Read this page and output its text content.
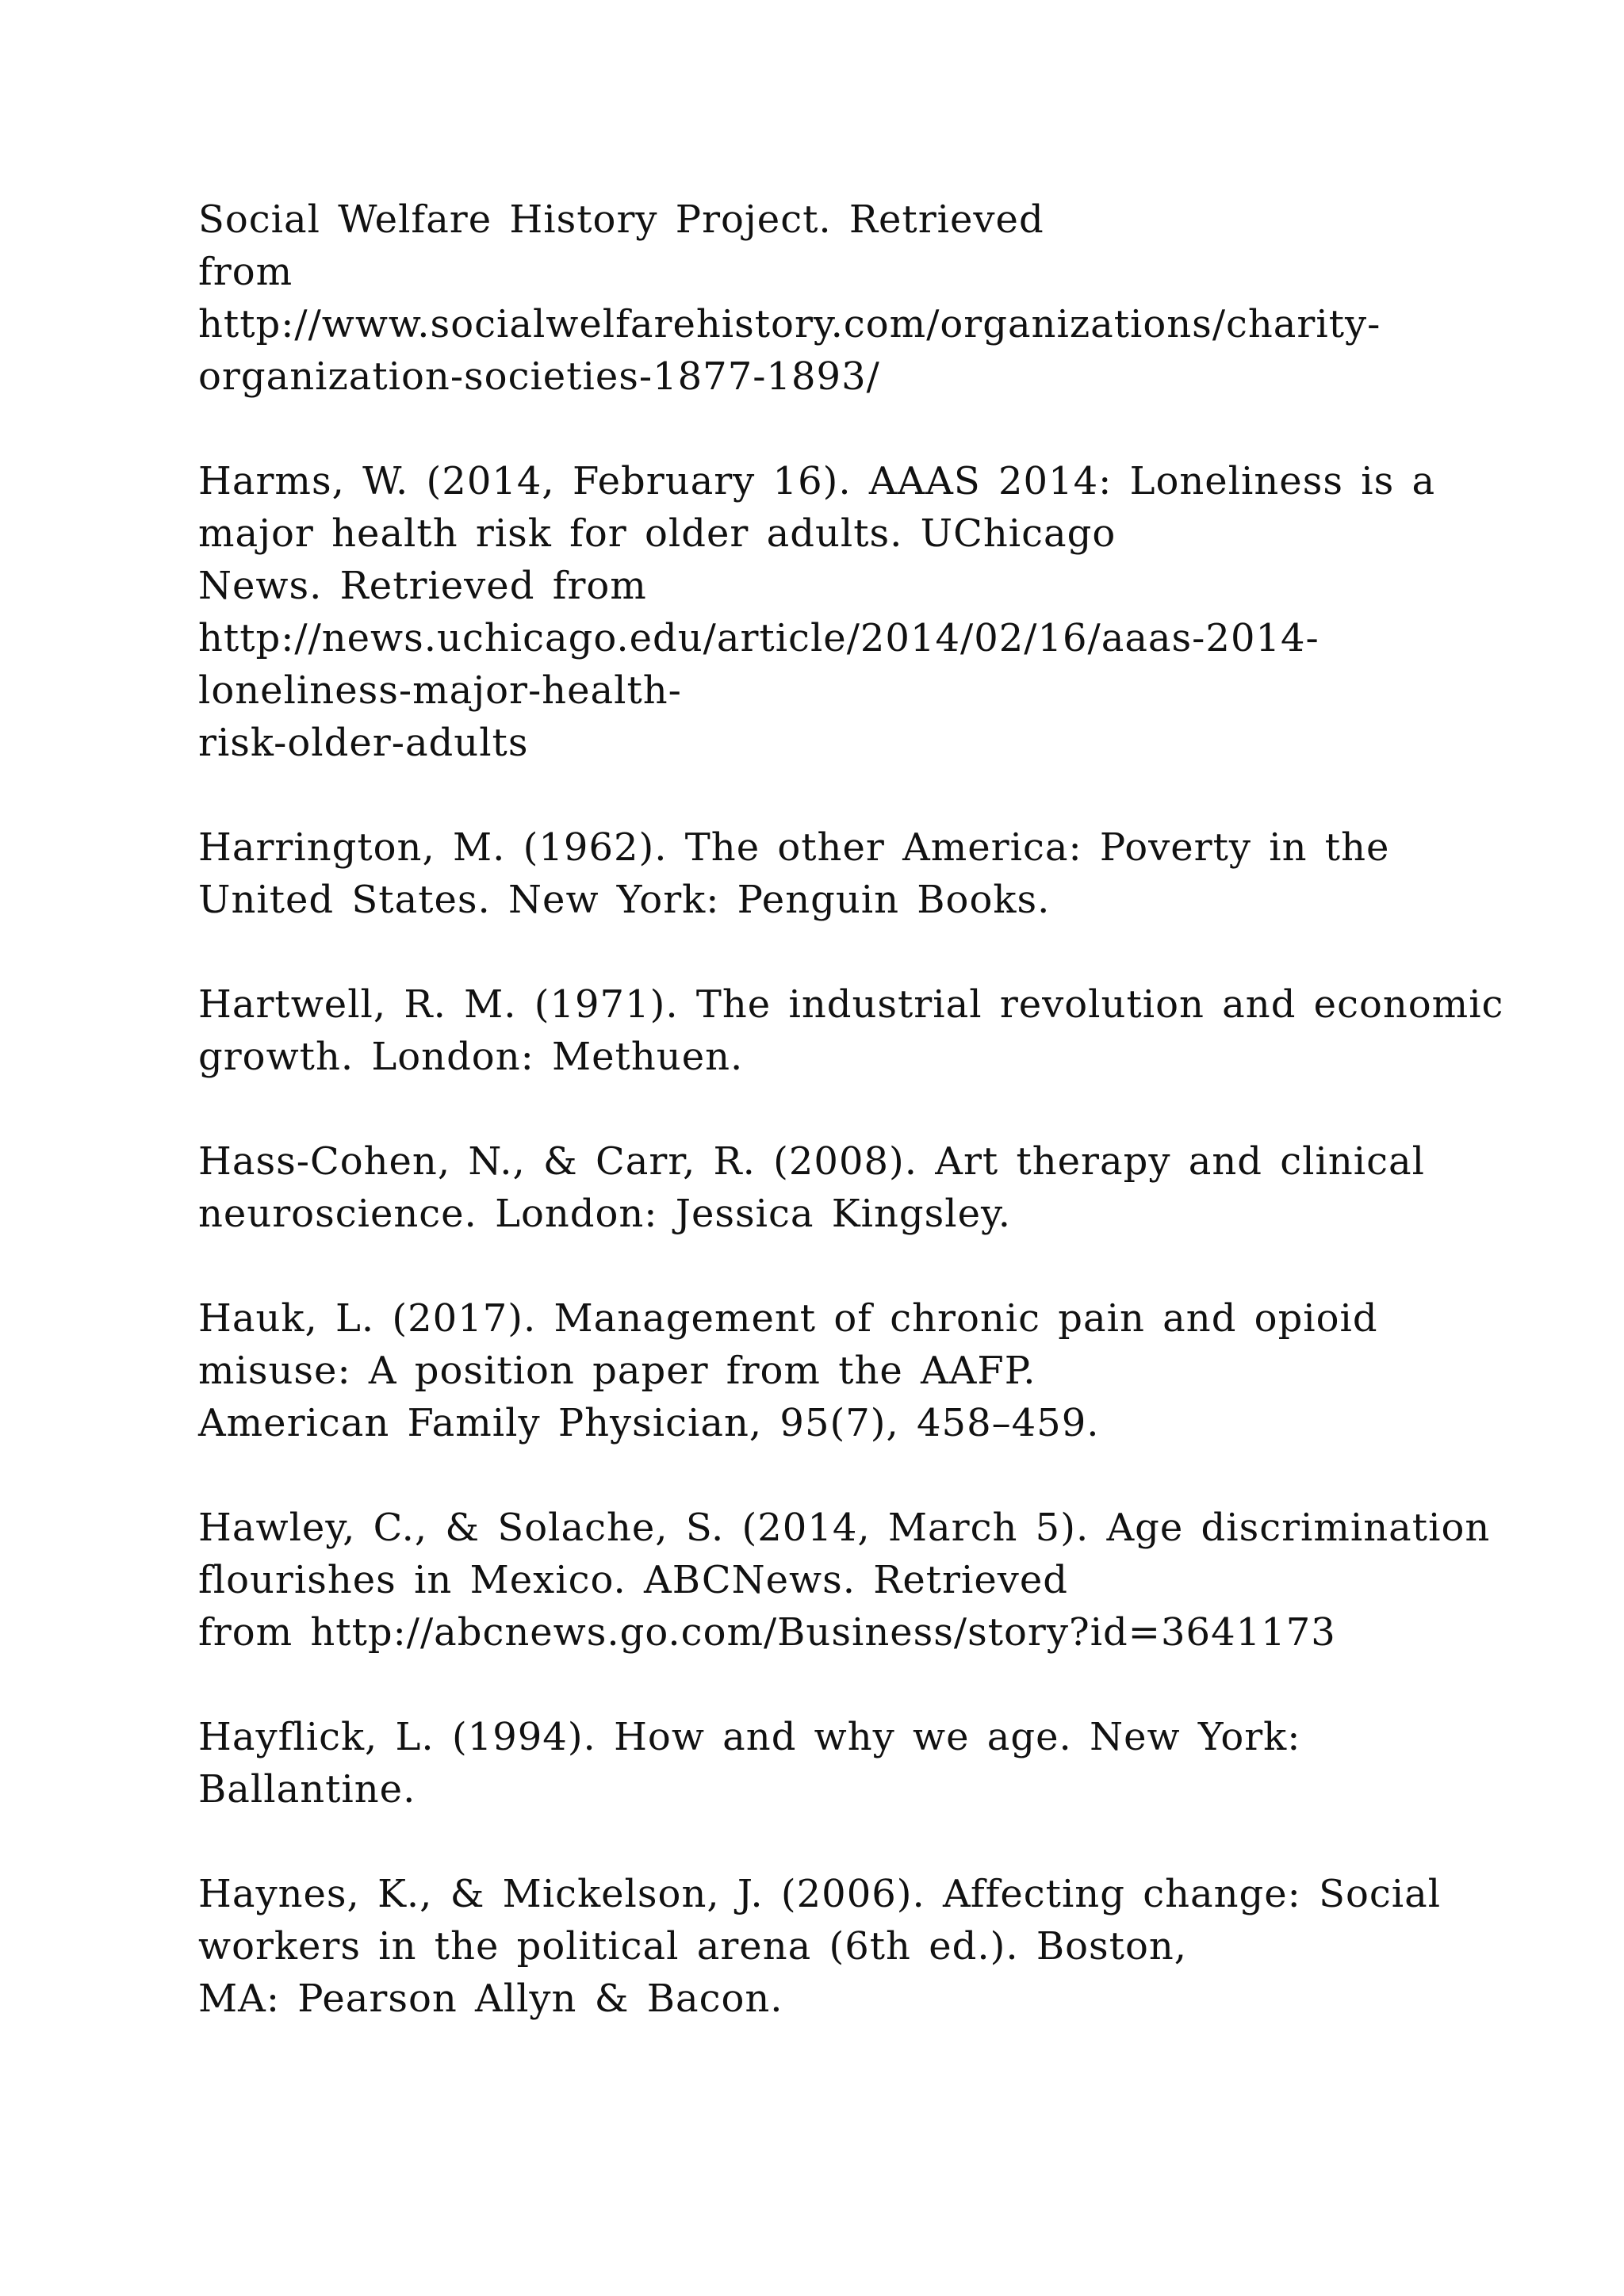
Social Welfare History Project. Retrieved
from
http://www.socialwelfarehistory.com/organizations/charity-
organization-societies-1877-1893/
Harms, W. (2014, February 16). AAAS 2014: Loneliness is a
major health risk for older adults. UChicago
News. Retrieved from
http://news.uchicago.edu/article/2014/02/16/aaas-2014-
loneliness-major-health-
risk-older-adults
Harrington, M. (1962). The other America: Poverty in the
United States. New York: Penguin Books.
Hartwell, R. M. (1971). The industrial revolution and economic
growth. London: Methuen.
Hass-Cohen, N., & Carr, R. (2008). Art therapy and clinical
neuroscience. London: Jessica Kingsley.
Hauk, L. (2017). Management of chronic pain and opioid
misuse: A position paper from the AAFP.
American Family Physician, 95(7), 458–459.
Hawley, C., & Solache, S. (2014, March 5). Age discrimination
flourishes in Mexico. ABCNews. Retrieved
from http://abcnews.go.com/Business/story?id=3641173
Hayflick, L. (1994). How and why we age. New York:
Ballantine.
Haynes, K., & Mickelson, J. (2006). Affecting change: Social
workers in the political arena (6th ed.). Boston,
MA: Pearson Allyn & Bacon.
